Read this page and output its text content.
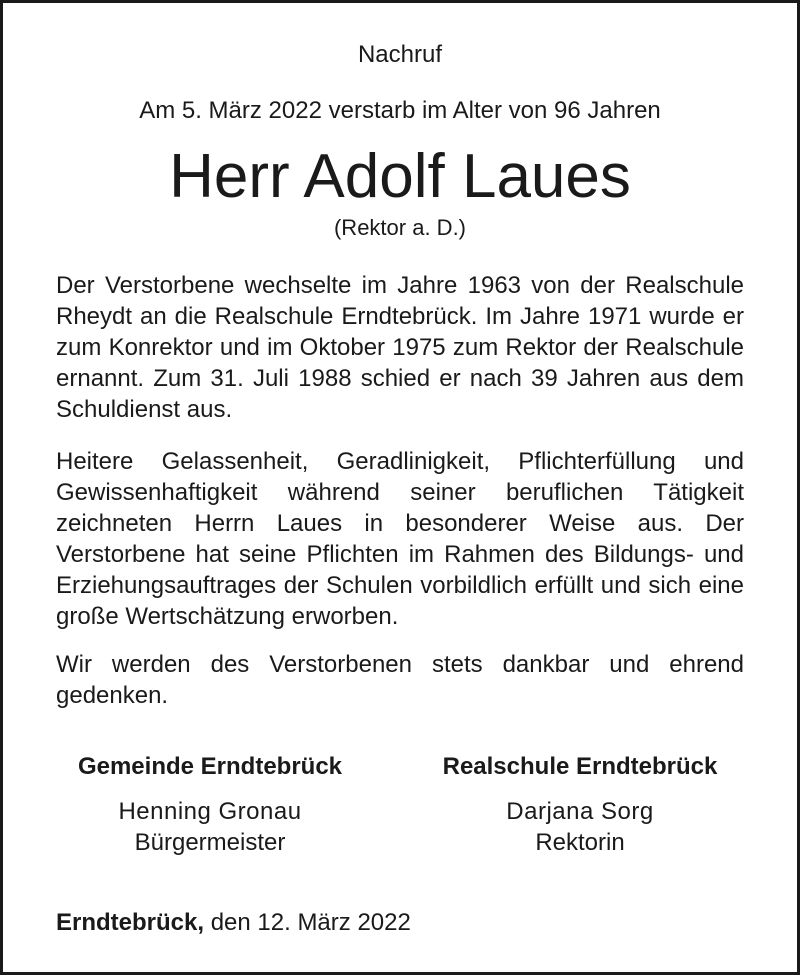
Nachruf
Am 5. März 2022 verstarb im Alter von 96 Jahren
Herr Adolf Laues
(Rektor a. D.)

Der Verstorbene wechselte im Jahre 1963 von der Realschule Rheydt an die Realschule Erndtebrück. Im Jahre 1971 wurde er zum Konrektor und im Oktober 1975 zum Rektor der Realschule ernannt. Zum 31. Juli 1988 schied er nach 39 Jahren aus dem Schuldienst aus.

Heitere Gelassenheit, Geradlinigkeit, Pflichterfüllung und Gewissenhaftigkeit während seiner beruflichen Tätigkeit zeichneten Herrn Laues in besonderer Weise aus. Der Verstorbene hat seine Pflichten im Rahmen des Bildungs- und Erziehungsauftrages der Schulen vorbildlich erfüllt und sich eine große Wertschätzung erworben.

Wir werden des Verstorbenen stets dankbar und ehrend gedenken.

Gemeinde Erndtebrück
Henning Gronau
Bürgermeister
Realschule Erndtebrück
Darjana Sorg
Rektorin
Erndtebrück, den 12. März 2022
